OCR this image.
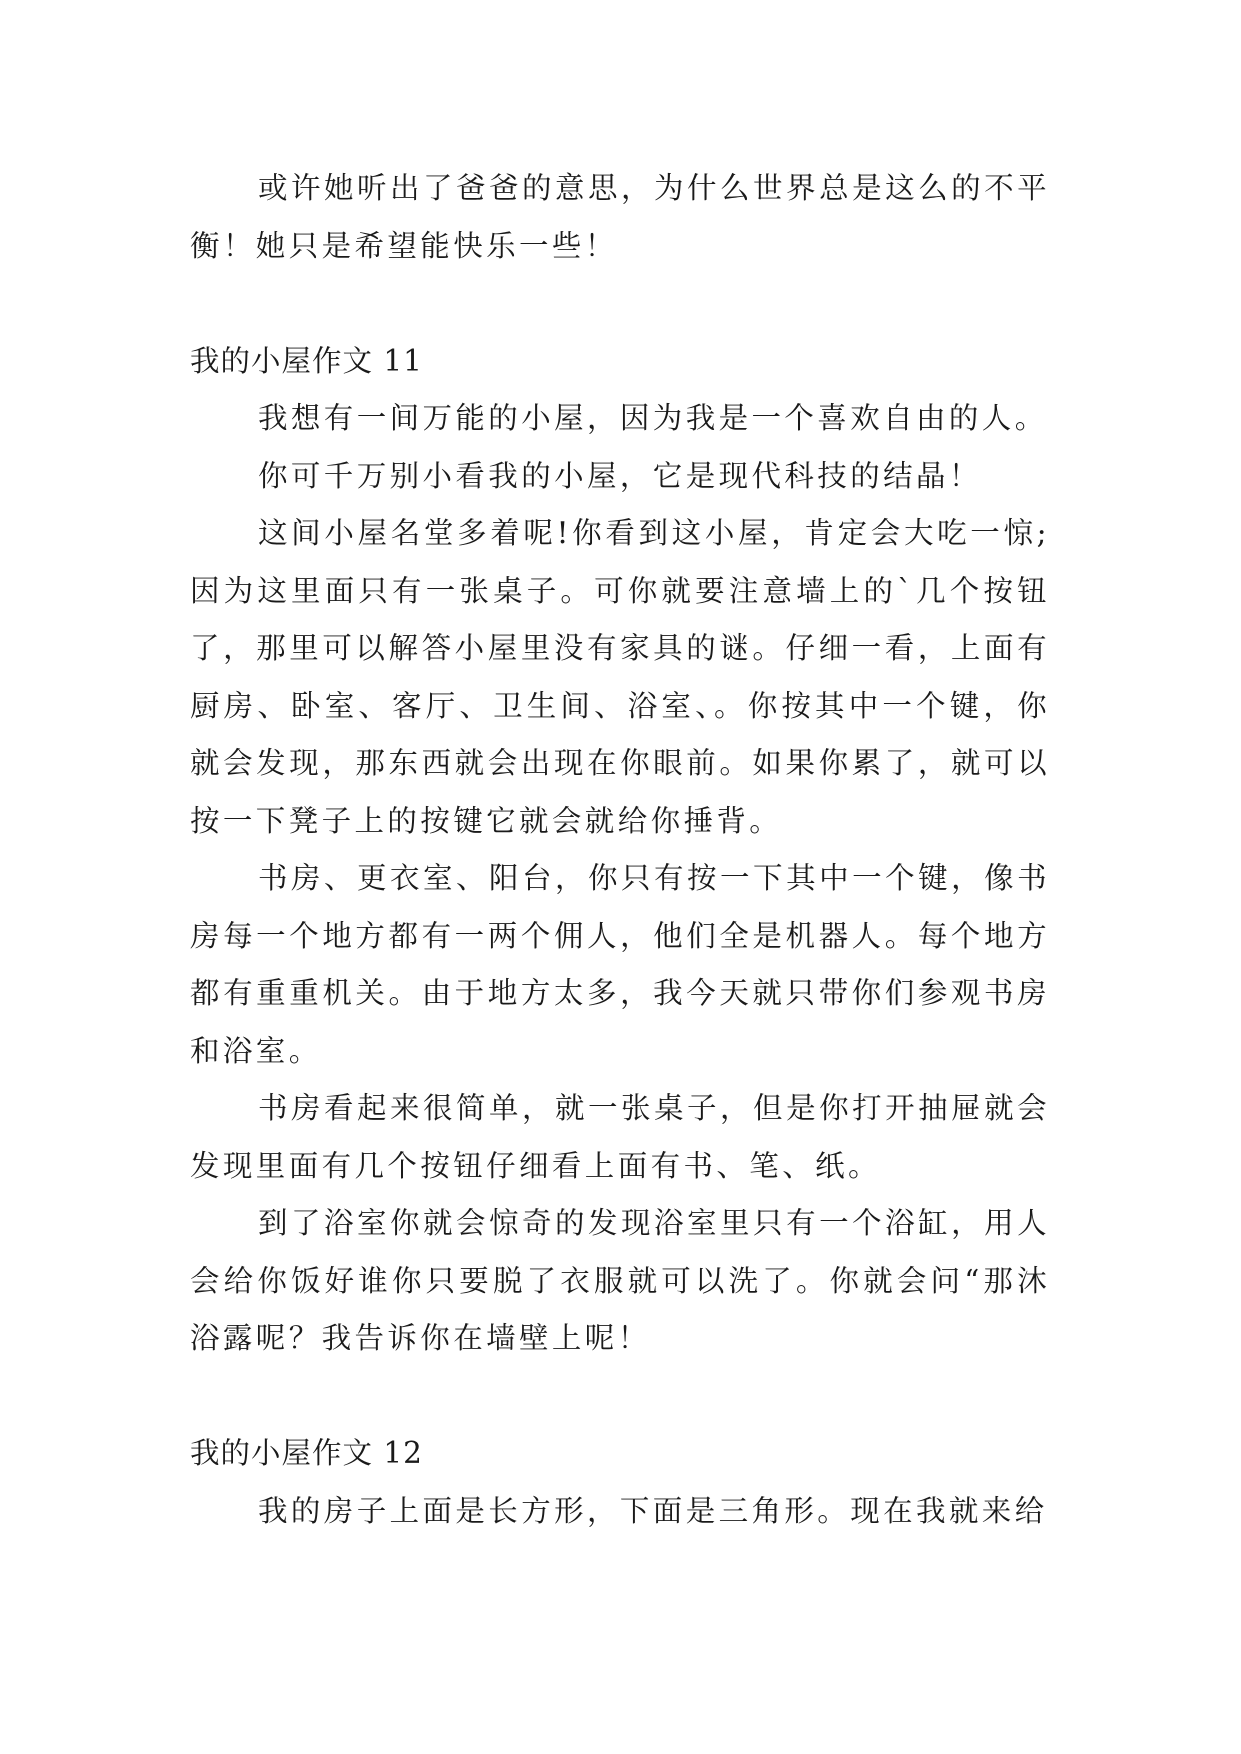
或许她听出了爸爸的意思，为什么世界总是这么的不平衡！她只是希望能快乐一些！

我的小屋作文 11

我想有一间万能的小屋，因为我是一个喜欢自由的人。

你可千万别小看我的小屋，它是现代科技的结晶！

这间小屋名堂多着呢!你看到这小屋，肯定会大吃一惊;因为这里面只有一张桌子。可你就要注意墙上的`几个按钮了，那里可以解答小屋里没有家具的谜。仔细一看，上面有厨房、卧室、客厅、卫生间、浴室、。你按其中一个键，你就会发现，那东西就会出现在你眼前。如果你累了，就可以按一下凳子上的按键它就会就给你捶背。

书房、更衣室、阳台，你只有按一下其中一个键，像书房每一个地方都有一两个佣人，他们全是机器人。每个地方都有重重机关。由于地方太多，我今天就只带你们参观书房和浴室。

书房看起来很简单，就一张桌子，但是你打开抽屉就会发现里面有几个按钮仔细看上面有书、笔、纸。

到了浴室你就会惊奇的发现浴室里只有一个浴缸，用人会给你饭好谁你只要脱了衣服就可以洗了。你就会问“那沐浴露呢？我告诉你在墙壁上呢！

我的小屋作文 12

我的房子上面是长方形，下面是三角形。现在我就来给
